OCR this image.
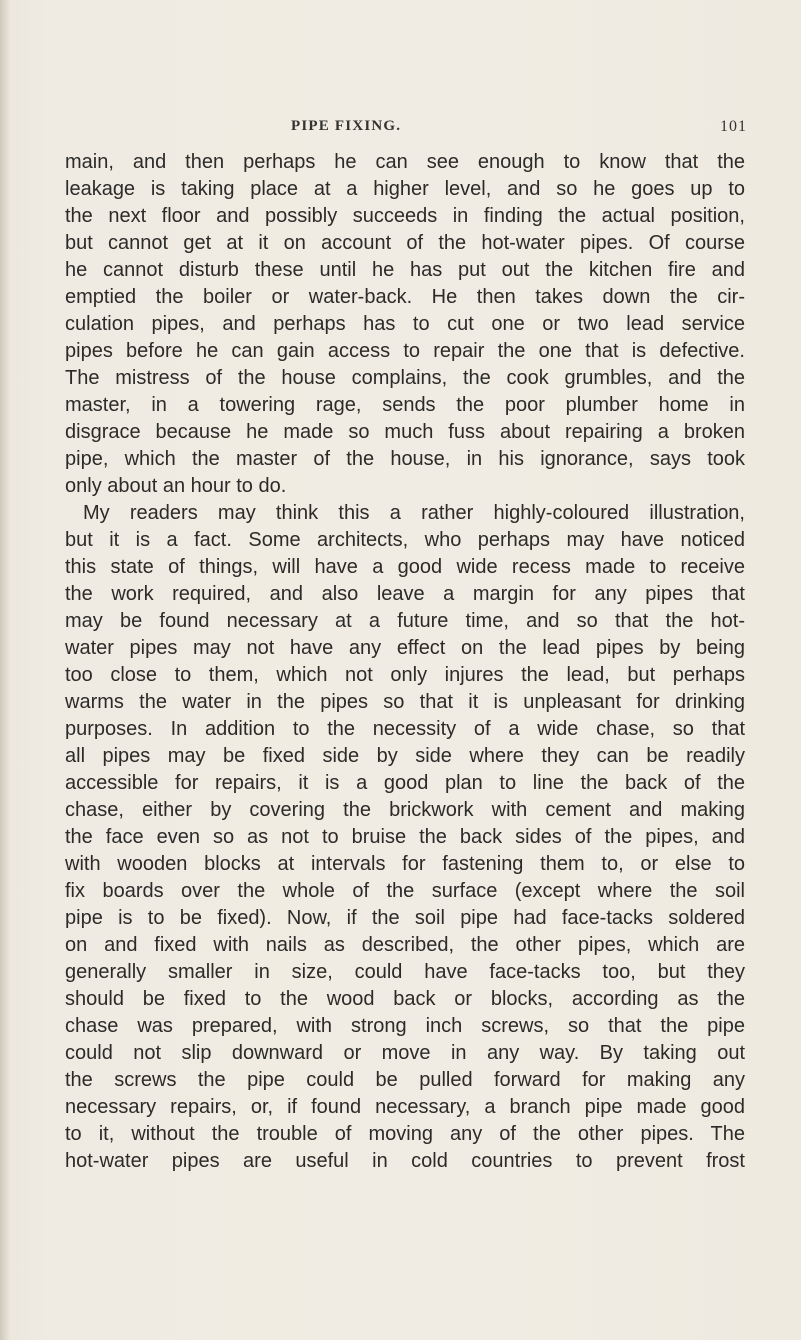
PIPE FIXING.	101
main, and then perhaps he can see enough to know that the
leakage is taking place at a higher level, and so he goes up to
the next floor and possibly succeeds in finding the actual position,
but cannot get at it on account of the hot-water pipes. Of course
he cannot disturb these until he has put out the kitchen fire and
emptied the boiler or water-back. He then takes down the cir-
culation pipes, and perhaps has to cut one or two lead service
pipes before he can gain access to repair the one that is defective.
The mistress of the house complains, the cook grumbles, and the
master, in a towering rage, sends the poor plumber home in
disgrace because he made so much fuss about repairing a broken
pipe, which the master of the house, in his ignorance, says took
only about an hour to do.
My readers may think this a rather highly-coloured illustration,
but it is a fact. Some architects, who perhaps may have noticed
this state of things, will have a good wide recess made to receive
the work required, and also leave a margin for any pipes that
may be found necessary at a future time, and so that the hot-
water pipes may not have any effect on the lead pipes by being
too close to them, which not only injures the lead, but perhaps
warms the water in the pipes so that it is unpleasant for drinking
purposes. In addition to the necessity of a wide chase, so that
all pipes may be fixed side by side where they can be readily
accessible for repairs, it is a good plan to line the back of the
chase, either by covering the brickwork with cement and making
the face even so as not to bruise the back sides of the pipes, and
with wooden blocks at intervals for fastening them to, or else to
fix boards over the whole of the surface (except where the soil
pipe is to be fixed). Now, if the soil pipe had face-tacks soldered
on and fixed with nails as described, the other pipes, which are
generally smaller in size, could have face-tacks too, but they
should be fixed to the wood back or blocks, according as the
chase was prepared, with strong inch screws, so that the pipe
could not slip downward or move in any way. By taking out
the screws the pipe could be pulled forward for making any
necessary repairs, or, if found necessary, a branch pipe made good
to it, without the trouble of moving any of the other pipes. The
hot-water pipes are useful in cold countries to prevent frost
